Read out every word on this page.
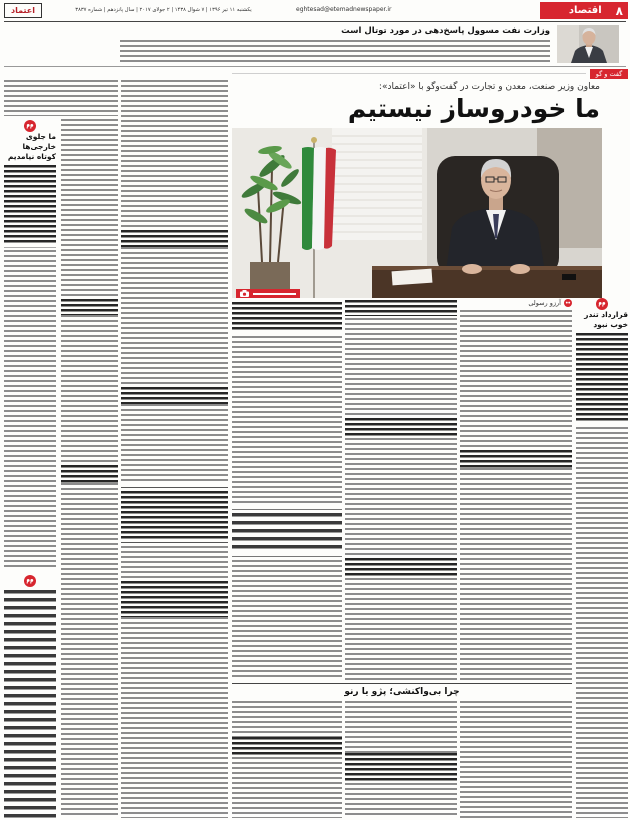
اعتماد	یکشنبه ۱۱ تیر ۱۳۹۶ | ۷ شوال ۱۴۳۸ | ۲ جولای ۲۰۱۷ | سال پانزدهم | شماره ۳۸۳۷	eghtesad@etemadnewspaper.ir	۸
اقتصاد
وزارت نفت مسوول پاسخ‌دهی در مورد توتال است
گفت و گو
معاون وزیر صنعت، معدن و تجارت در گفت‌وگو با «اعتماد»:
ما خودروساز نیستیم
ما جلوی خارجی‌ها کوتاه نیامدیم
آرزو رسولی
قرارداد تندر خوب نبود
چرا بی‌واکنشی؛ پژو یا رنو
